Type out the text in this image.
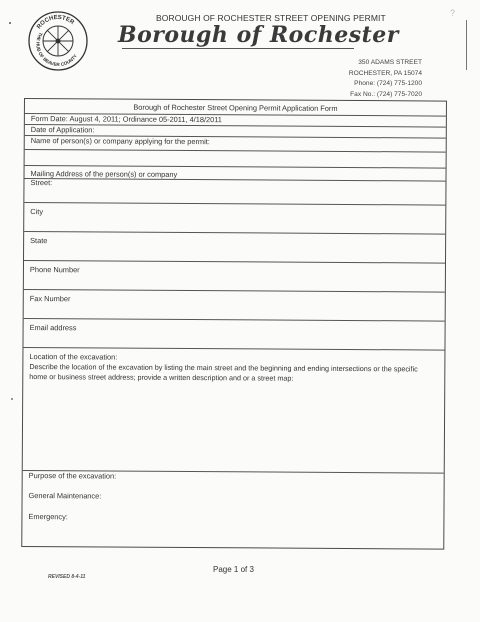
?
ROCHESTER
THE HUB OF BEAVER COUNTY
BOROUGH OF ROCHESTER STREET OPENING PERMIT
Borough of Rochester
350 ADAMS STREET
ROCHESTER, PA 15074
Phone: (724) 775-1200
Fax No.: (724) 775-7020
Borough of Rochester Street Opening Permit Application Form
Form Date: August 4, 2011; Ordinance 05-2011, 4/18/2011
Date of Application:
Name of person(s) or company applying for the permit:
Mailing Address of the person(s) or company
Street:
City
State
Phone Number
Fax Number
Email address
Location of the excavation:
Describe the location of the excavation by listing the main street and the beginning and ending intersections or the specific home or business street address; provide a written description and or a street map:
Purpose of the excavation:
General Maintenance:
Emergency:
REVISED 8-4-11
Page 1 of 3
